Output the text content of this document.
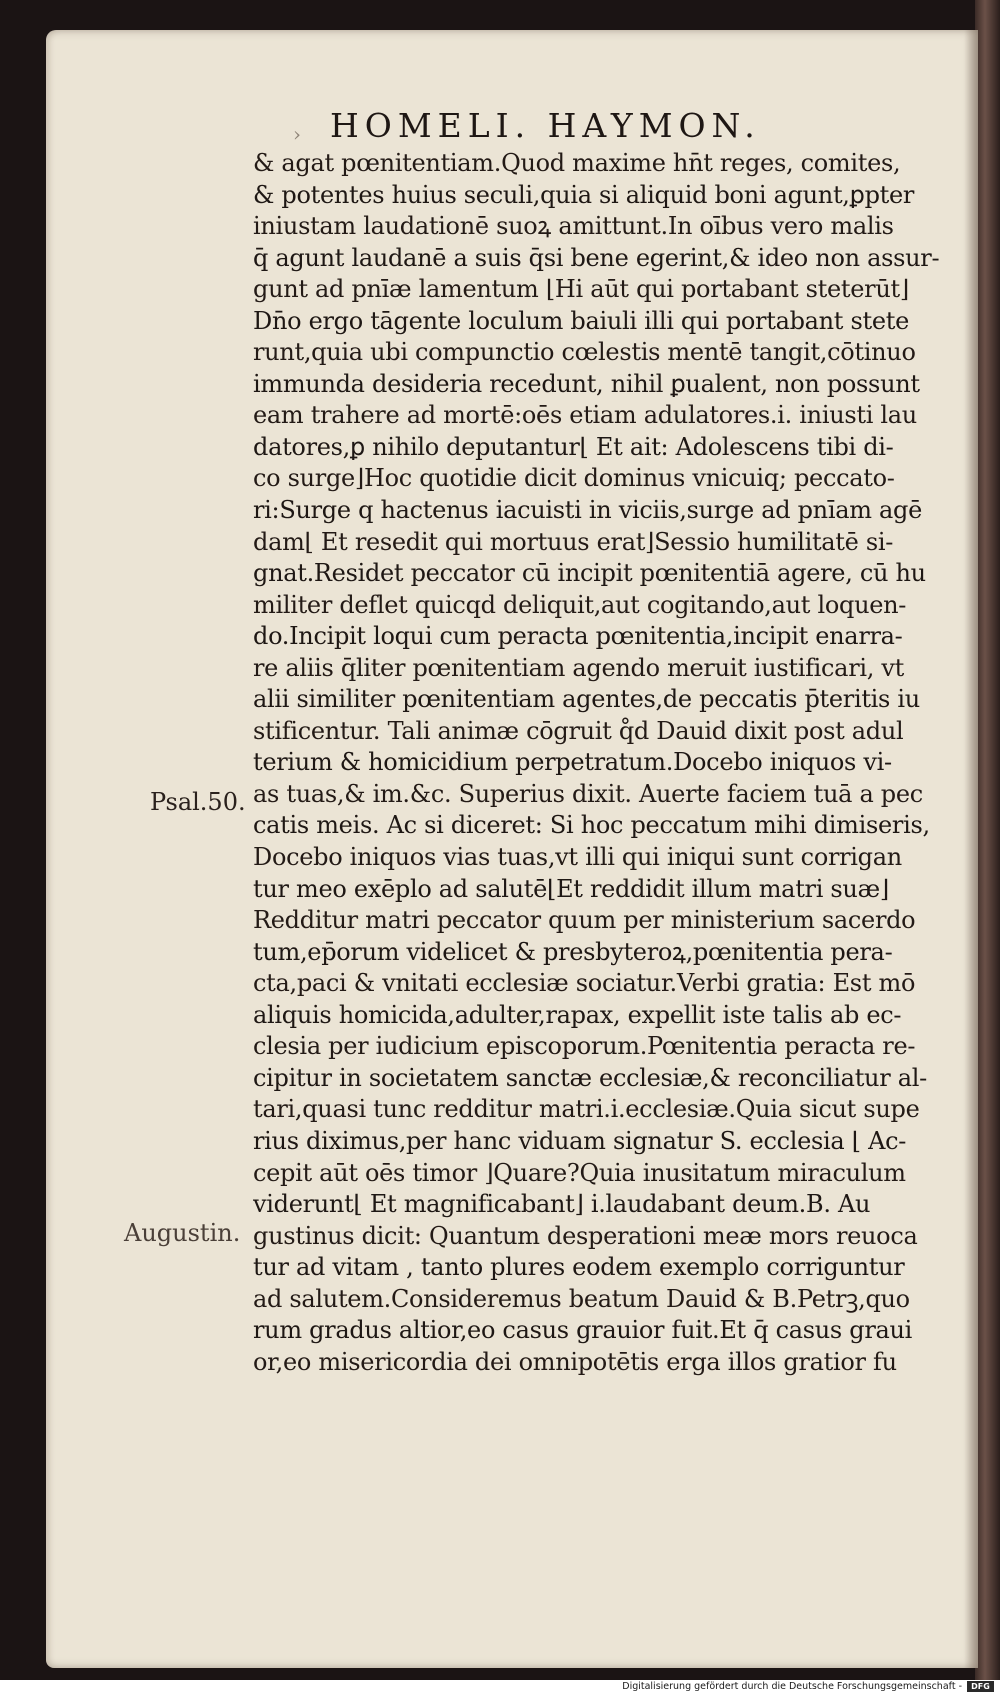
› HOMELI. HAYMON.
& agat pœnitentiam.Quod maxime hn̄t reges, comites,
& potentes huius seculi,quia si aliquid boni agunt,ꝑpter
iniustam laudationē suoꝝ amittunt.In oībus vero malis
q̄ agunt laudanē a suis q̄si bene egerint,& ideo non assur-
gunt ad pnīæ lamentum ⌊Hi aūt qui portabant steterūt⌋
Dn̄o ergo tāgente loculum baiuli illi qui portabant stete
runt,quia ubi compunctio cœlestis mentē tangit,cōtinuo
immunda desideria recedunt, nihil ꝑualent, non possunt
eam trahere ad mortē:oēs etiam adulatores.i. iniusti lau
datores,ꝑ nihilo deputantur⌊ Et ait: Adolescens tibi di-
co surge⌋Hoc quotidie dicit dominus vnicuiq; peccato-
ri:Surge q hactenus iacuisti in viciis,surge ad pnīam agē
dam⌊ Et resedit qui mortuus erat⌋Sessio humilitatē si-
gnat.Residet peccator cū incipit pœnitentiā agere, cū hu
militer deflet quicqd deliquit,aut cogitando,aut loquen-
do.Incipit loqui cum peracta pœnitentia,incipit enarra-
re aliis q̄liter pœnitentiam agendo meruit iustificari, vt
alii similiter pœnitentiam agentes,de peccatis p̄teritis iu
stificentur. Tali animæ cōgruit q̊d Dauid dixit post adul
terium & homicidium perpetratum.Docebo iniquos vi-
as tuas,& im.&c. Superius dixit. Auerte faciem tuā a pec
catis meis. Ac si diceret: Si hoc peccatum mihi dimiseris,
Docebo iniquos vias tuas,vt illi qui iniqui sunt corrigan
tur meo exēplo ad salutē⌊Et reddidit illum matri suæ⌋
Redditur matri peccator quum per ministerium sacerdo
tum,ep̄orum videlicet & presbyteroꝝ,pœnitentia pera-
cta,paci & vnitati ecclesiæ sociatur.Verbi gratia: Est mō
aliquis homicida,adulter,rapax, expellit iste talis ab ec-
clesia per iudicium episcoporum.Pœnitentia peracta re-
cipitur in societatem sanctæ ecclesiæ,& reconciliatur al-
tari,quasi tunc redditur matri.i.ecclesiæ.Quia sicut supe
rius diximus,per hanc viduam signatur S. ecclesia ⌊ Ac-
cepit aūt oēs timor ⌋Quare?Quia inusitatum miraculum
viderunt⌊ Et magnificabant⌋ i.laudabant deum.B. Au
gustinus dicit: Quantum desperationi meæ mors reuoca
tur ad vitam , tanto plures eodem exemplo corriguntur
ad salutem.Consideremus beatum Dauid & B.Petrꝫ,quo
rum gradus altior,eo casus grauior fuit.Et q̄ casus graui
or,eo misericordia dei omnipotētis erga illos gratior fu
Psal.50.
Augustin.
Digitalisierung gefördert durch die Deutsche Forschungsgemeinschaft -	DFG
